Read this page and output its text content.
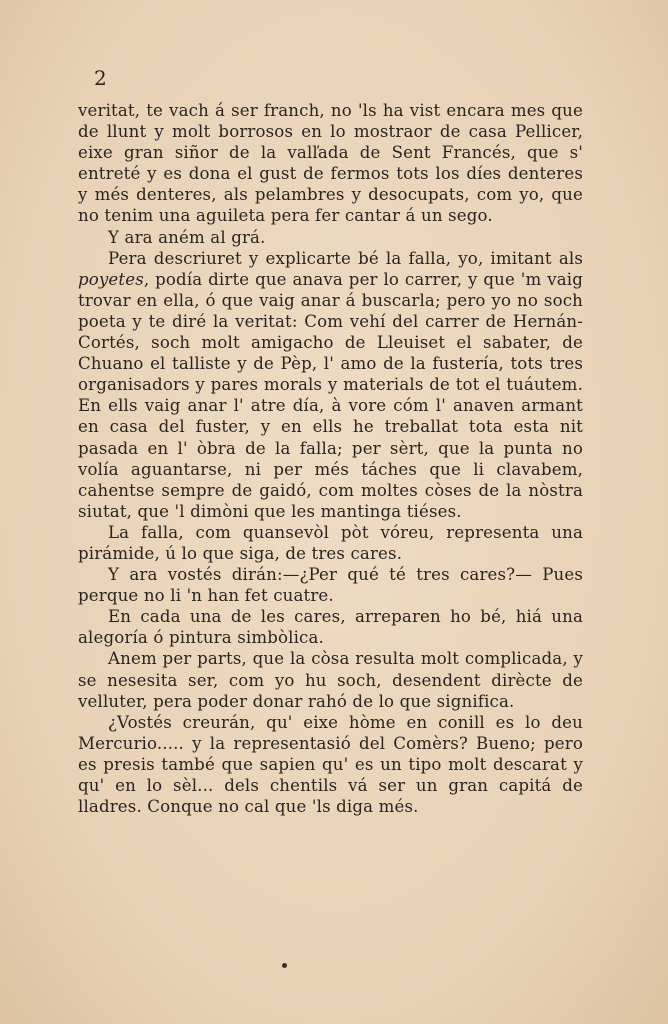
2

veritat, te vach á ser franch, no 'ls ha vist encara mes que de llunt y molt borrosos en lo mostraor de casa Pellicer, eixe gran siñor de la valľada de Sent Francés, que s' entreté y es dona el gust de fermos tots los díes denteres y més denteres, als pelambres y desocupats, com yo, que no tenim una aguileta pera fer cantar á un sego.

Y ara aném al grá.

Pera descriuret y explicarte bé la falla, yo, imitant als poyetes, podía dirte que anava per lo carrer, y que 'm vaig trovar en ella, ó que vaig anar á buscarla; pero yo no soch poeta y te diré la veritat: Com vehí del carrer de Hernán-Cortés, soch molt amigacho de Lleuiset el sabater, de Chuano el talliste y de Pèp, l' amo de la fustería, tots tres organisadors y pares morals y materials de tot el tuáutem. En ells vaig anar l' atre día, à vore cóm l' anaven armant en casa del fuster, y en ells he treballat tota esta nit pasada en l' òbra de la falla; per sèrt, que la punta no volía aguantarse, ni per més táches que li clavabem, cahentse sempre de gaidó, com moltes còses de la nòstra siutat, que 'l dimòni que les mantinga tiéses.

La falla, com quansevòl pòt vóreu, representa una pirámide, ú lo que siga, de tres cares.

Y ara vostés dirán:—¿Per qué té tres cares?— Pues perque no li 'n han fet cuatre.

En cada una de les cares, arreparen ho bé, hiá una alegoría ó pintura simbòlica.

Anem per parts, que la còsa resulta molt complicada, y se nesesita ser, com yo hu soch, desendent dirècte de velluter, pera poder donar rahó de lo que significa.

¿Vostés creurán, qu' eixe hòme en conill es lo deu Mercurio..... y la representasió del Comèrs? Bueno; pero es presis també que sapien qu' es un tipo molt descarat y qu' en lo sèl... dels chentils vá ser un gran capitá de lladres. Conque no cal que 'ls diga més.
